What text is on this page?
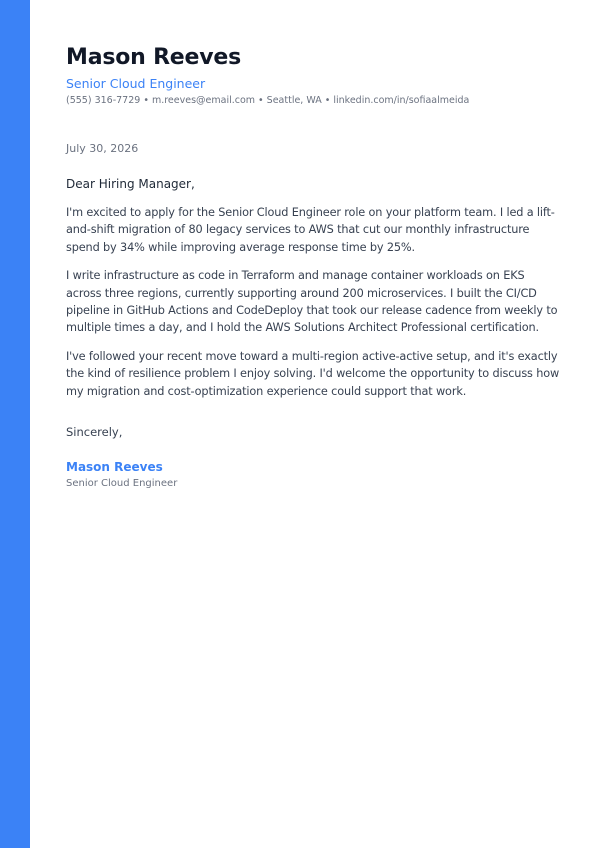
Mason Reeves
Senior Cloud Engineer
(555) 316-7729 • m.reeves@email.com • Seattle, WA • linkedin.com/in/sofiaalmeida
July 30, 2026
Dear Hiring Manager,
I'm excited to apply for the Senior Cloud Engineer role on your platform team. I led a lift-and-shift migration of 80 legacy services to AWS that cut our monthly infrastructure spend by 34% while improving average response time by 25%.
I write infrastructure as code in Terraform and manage container workloads on EKS across three regions, currently supporting around 200 microservices. I built the CI/CD pipeline in GitHub Actions and CodeDeploy that took our release cadence from weekly to multiple times a day, and I hold the AWS Solutions Architect Professional certification.
I've followed your recent move toward a multi-region active-active setup, and it's exactly the kind of resilience problem I enjoy solving. I'd welcome the opportunity to discuss how my migration and cost-optimization experience could support that work.
Sincerely,
Mason Reeves
Senior Cloud Engineer
